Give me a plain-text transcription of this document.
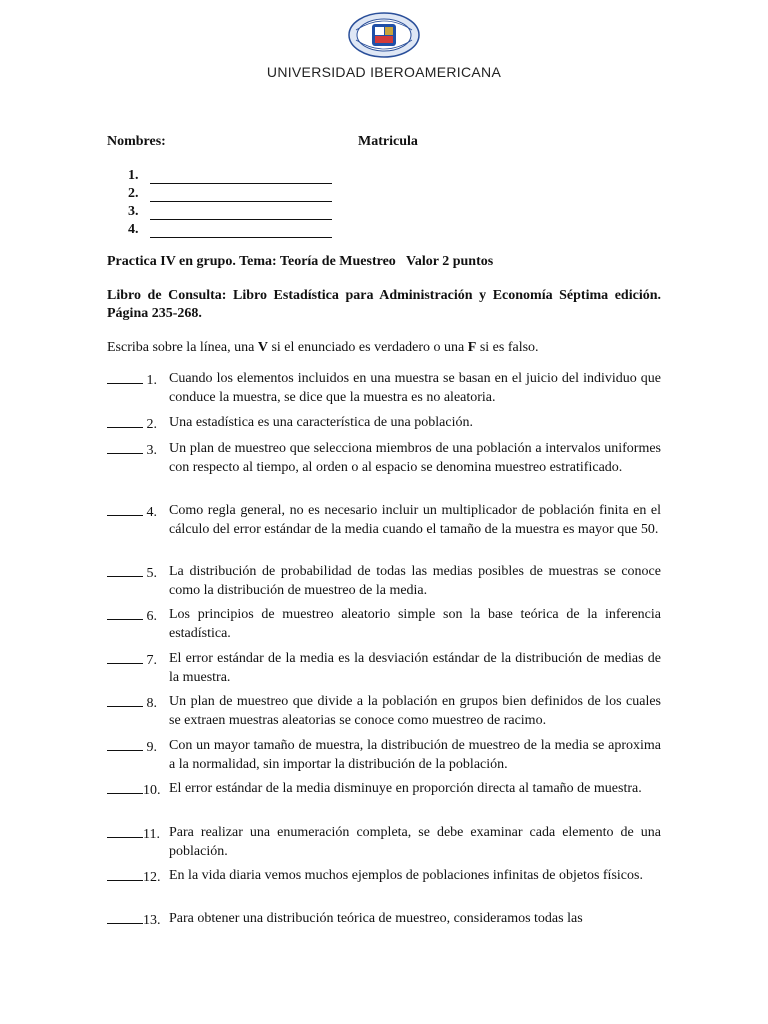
UNIVERSIDAD IBEROAMERICANA
Nombres:	Matricula
1.
2.
3.
4.
Practica IV en grupo. Tema: Teoría de Muestreo   Valor 2 puntos
Libro de Consulta: Libro Estadística para Administración y Economía Séptima edición. Página 235-268.
Escriba sobre la línea, una V si el enunciado es verdadero o una F si es falso.
1. Cuando los elementos incluidos en una muestra se basan en el juicio del individuo que conduce la muestra, se dice que la muestra es no aleatoria.
2. Una estadística es una característica de una población.
3. Un plan de muestreo que selecciona miembros de una población a intervalos uniformes con respecto al tiempo, al orden o al espacio se denomina muestreo estratificado.
4. Como regla general, no es necesario incluir un multiplicador de población finita en el cálculo del error estándar de la media cuando el tamaño de la muestra es mayor que 50.
5. La distribución de probabilidad de todas las medias posibles de muestras se conoce como la distribución de muestreo de la media.
6. Los principios de muestreo aleatorio simple son la base teórica de la inferencia estadística.
7. El error estándar de la media es la desviación estándar de la distribución de medias de la muestra.
8. Un plan de muestreo que divide a la población en grupos bien definidos de los cuales se extraen muestras aleatorias se conoce como muestreo de racimo.
9. Con un mayor tamaño de muestra, la distribución de muestreo de la media se aproxima a la normalidad, sin importar la distribución de la población.
10. El error estándar de la media disminuye en proporción directa al tamaño de muestra.
11. Para realizar una enumeración completa, se debe examinar cada elemento de una población.
12. En la vida diaria vemos muchos ejemplos de poblaciones infinitas de objetos físicos.
13. Para obtener una distribución teórica de muestreo, consideramos todas las
